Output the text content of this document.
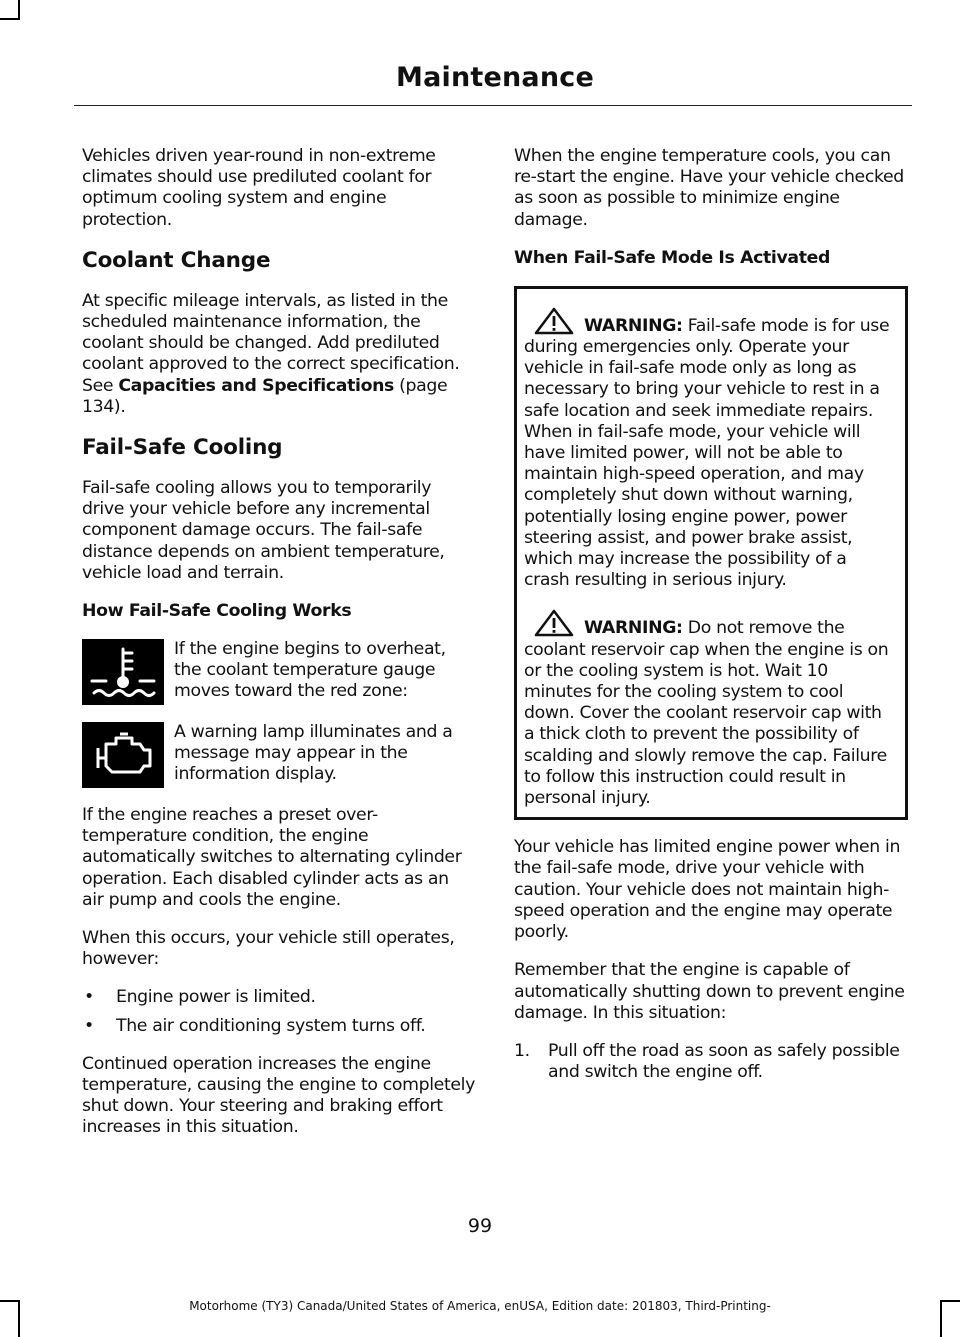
Maintenance

Vehicles driven year-round in non-extreme climates should use prediluted coolant for optimum cooling system and engine protection.

Coolant Change

At specific mileage intervals, as listed in the scheduled maintenance information, the coolant should be changed. Add prediluted coolant approved to the correct specification. See Capacities and Specifications (page 134).

Fail-Safe Cooling

Fail-safe cooling allows you to temporarily drive your vehicle before any incremental component damage occurs. The fail-safe distance depends on ambient temperature, vehicle load and terrain.

How Fail-Safe Cooling Works
If the engine begins to overheat, the coolant temperature gauge moves toward the red zone:
A warning lamp illuminates and a message may appear in the information display.

If the engine reaches a preset over-temperature condition, the engine automatically switches to alternating cylinder operation. Each disabled cylinder acts as an air pump and cools the engine.

When this occurs, your vehicle still operates, however:

• Engine power is limited.
• The air conditioning system turns off.

Continued operation increases the engine temperature, causing the engine to completely shut down. Your steering and braking effort increases in this situation.

When the engine temperature cools, you can re-start the engine. Have your vehicle checked as soon as possible to minimize engine damage.

When Fail-Safe Mode Is Activated
WARNING: Fail-safe mode is for use during emergencies only. Operate your vehicle in fail-safe mode only as long as necessary to bring your vehicle to rest in a safe location and seek immediate repairs. When in fail-safe mode, your vehicle will have limited power, will not be able to maintain high-speed operation, and may completely shut down without warning, potentially losing engine power, power steering assist, and power brake assist, which may increase the possibility of a crash resulting in serious injury.
WARNING: Do not remove the coolant reservoir cap when the engine is on or the cooling system is hot. Wait 10 minutes for the cooling system to cool down. Cover the coolant reservoir cap with a thick cloth to prevent the possibility of scalding and slowly remove the cap. Failure to follow this instruction could result in personal injury.

Your vehicle has limited engine power when in the fail-safe mode, drive your vehicle with caution. Your vehicle does not maintain high-speed operation and the engine may operate poorly.

Remember that the engine is capable of automatically shutting down to prevent engine damage. In this situation:

1. Pull off the road as soon as safely possible and switch the engine off.
99
Motorhome (TY3) Canada/United States of America, enUSA, Edition date: 201803, Third-Printing-
